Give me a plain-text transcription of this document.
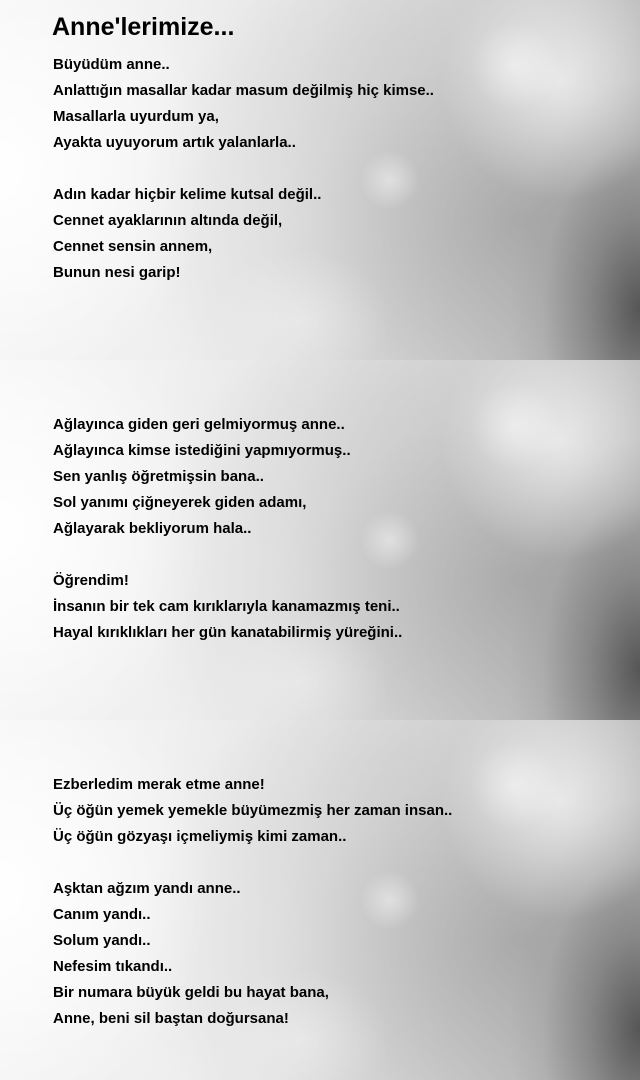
Anne'lerimize...
Büyüdüm anne..
Anlattığın masallar kadar masum değilmiş hiç kimse..
Masallarla uyurdum ya,
Ayakta uyuyorum artık yalanlarla..
Adın kadar hiçbir kelime kutsal değil..
Cennet ayaklarının altında değil,
Cennet sensin annem,
Bunun nesi garip!
Ağlayınca giden geri gelmiyormuş anne..
Ağlayınca kimse istediğini yapmıyormuş..
Sen yanlış öğretmişsin bana..
Sol yanımı çiğneyerek giden adamı,
Ağlayarak bekliyorum hala..
Öğrendim!
İnsanın bir tek cam kırıklarıyla kanamazmış teni..
Hayal kırıklıkları her gün kanatabilirmiş yüreğini..
Ezberledim merak etme anne!
Üç öğün yemek yemekle büyümezmiş her zaman insan..
Üç öğün gözyaşı içmeliymiş kimi zaman..
Aşktan ağzım yandı anne..
Canım yandı..
Solum yandı..
Nefesim tıkandı..
Bir numara büyük geldi bu hayat bana,
Anne, beni sil baştan doğursana!
